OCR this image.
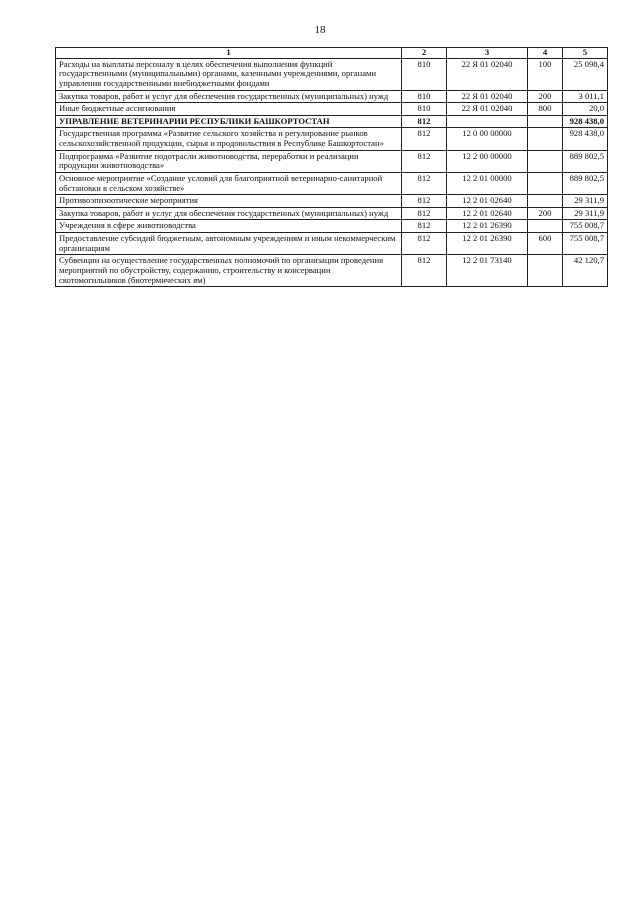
18
1	2	3	4	5
Расходы на выплаты персоналу в целях обеспечения выполнения функций государственными (муниципальными) органами, казенными учреждениями, органами управления государственными внебюджетными фондами	810	22 Я 01 02040	100	25 098,4
Закупка товаров, работ и услуг для обеспечения государственных (муниципальных) нужд	810	22 Я 01 02040	200	3 011,1
Иные бюджетные ассигнования	810	22 Я 01 02040	800	20,0
УПРАВЛЕНИЕ ВЕТЕРИНАРИИ РЕСПУБЛИКИ БАШКОРТОСТАН	812			928 438,0
Государственная программа «Развитие сельского хозяйства и регулирование рынков сельскохозяйственной продукции, сырья и продовольствия в Республике Башкортостан»	812	12 0 00 00000		928 438,0
Подпрограмма «Развитие подотрасли животноводства, переработки и реализации продукции животноводства»	812	12 2 00 00000		889 802,5
Основное мероприятие «Создание условий для благоприятной ветеринарно-санитарной обстановки в сельском хозяйстве»	812	12 2 01 00000		889 802,5
Противоэпизоотические мероприятия	812	12 2 01 02640		29 311,9
Закупка товаров, работ и услуг для обеспечения государственных (муниципальных) нужд	812	12 2 01 02640	200	29 311,9
Учреждения в сфере животноводства	812	12 2 01 26390		755 008,7
Предоставление субсидий бюджетным, автономным учреждениям и иным некоммерческим организациям	812	12 2 01 26390	600	755 008,7
Субвенции на осуществление государственных полномочий по организации проведения мероприятий по обустройству, содержанию, строительству и консервации скотомогильников (биотермических ям)	812	12 2 01 73140		42 120,7
